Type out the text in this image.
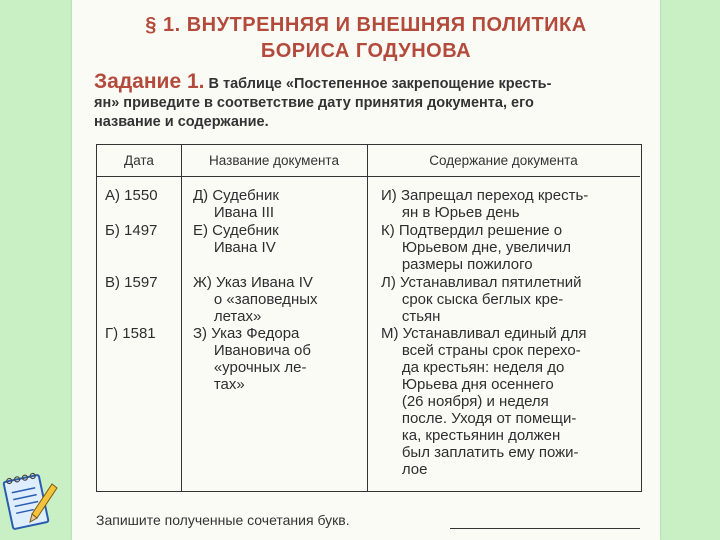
§ 1. ВНУТРЕННЯЯ И ВНЕШНЯЯ ПОЛИТИКА
БОРИСА ГОДУНОВА
Задание 1. В таблице «Постепенное закрепощение кресть-
ян» приведите в соответствие дату принятия документа, его
название и содержание.
Дата	Название документа	Содержание документа
А) 1550
Б) 1497
В) 1597
Г) 1581
Д) Судебник
Ивана III
Е) Судебник
Ивана IV
Ж) Указ Ивана IV
о «заповедных
летах»
З) Указ Федора
Ивановича об
«урочных ле-
тах»
И) Запрещал переход кресть-
ян в Юрьев день
К) Подтвердил решение о
Юрьевом дне, увеличил
размеры пожилого
Л) Устанавливал пятилетний
срок сыска беглых кре-
стьян
М) Устанавливал единый для
всей страны срок перехо-
да крестьян: неделя до
Юрьева дня осеннего
(26 ноября) и неделя
после. Уходя от помещи-
ка, крестьянин должен
был заплатить ему пожи-
лое
Запишите полученные сочетания букв.
